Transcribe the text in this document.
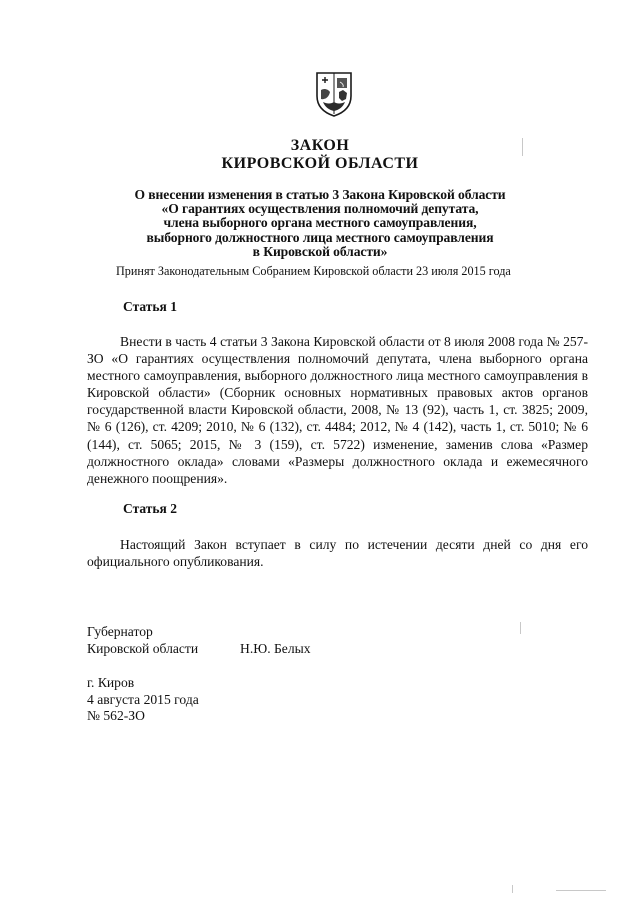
ЗАКОН
КИРОВСКОЙ ОБЛАСТИ
О внесении изменения в статью 3 Закона Кировской области
«О гарантиях осуществления полномочий депутата,
члена выборного органа местного самоуправления,
выборного должностного лица местного самоуправления
в Кировской области»
Принят Законодательным Собранием Кировской области 23 июля 2015 года
Статья 1

Внести в часть 4 статьи 3 Закона Кировской области от 8 июля 2008 года № 257-ЗО «О гарантиях осуществления полномочий депутата, члена выборного органа местного самоуправления, выборного должностного лица местного самоуправления в Кировской области» (Сборник основных нормативных правовых актов органов государственной власти Кировской области, 2008, № 13 (92), часть 1, ст. 3825; 2009, № 6 (126), ст. 4209; 2010, № 6 (132), ст. 4484; 2012, № 4 (142), часть 1, ст. 5010; № 6 (144), ст. 5065; 2015, № 3 (159), ст. 5722) изменение, заменив слова «Размер должностного оклада» словами «Размеры должностного оклада и ежемесячного денежного поощрения».

Статья 2

Настоящий Закон вступает в силу по истечении десяти дней со дня его официального опубликования.

Губернатор
Кировской области	Н.Ю. Белых
г. Киров
4 августа 2015 года
№ 562-ЗО
